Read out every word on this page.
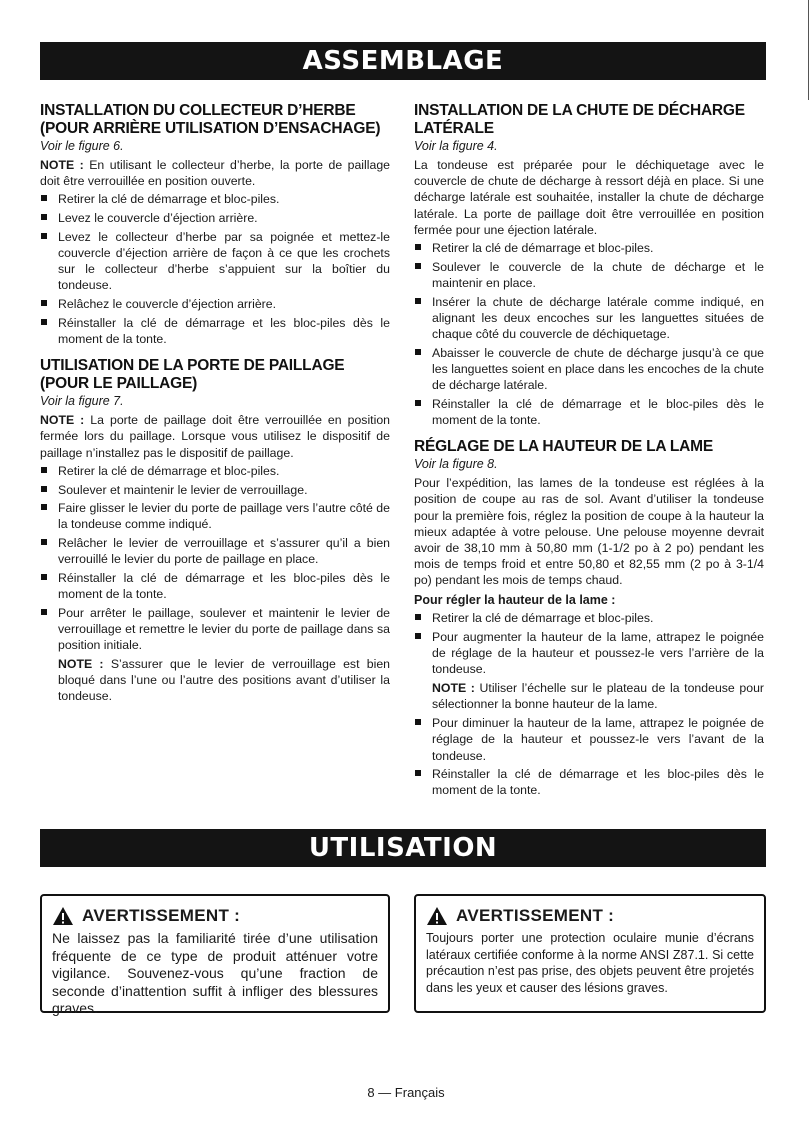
ASSEMBLAGE
INSTALLATION DU COLLECTEUR D’HERBE (POUR ARRIÈRE UTILISATION D’ENSACHAGE)
Voir le figure 6.

NOTE : En utilisant le collecteur d’herbe, la porte de paillage doit être verrouillée en position ouverte.

Retirer la clé de démarrage et bloc-piles.
Levez le couvercle d’éjection arrière.
Levez le collecteur d’herbe par sa poignée et mettez-le couvercle d’éjection arrière de façon à ce que les crochets sur le collecteur d’herbe s’appuient sur la boîtier du tondeuse.
Relâchez le couvercle d’éjection arrière.
Réinstaller la clé de démarrage et les bloc-piles dès le moment de la tonte.
UTILISATION DE LA PORTE DE PAILLAGE (POUR LE PAILLAGE)
Voir la figure 7.

NOTE : La porte de paillage doit être verrouillée en position fermée lors du paillage. Lorsque vous utilisez le dispositif de paillage n’installez pas le dispositif de paillage.

Retirer la clé de démarrage et bloc-piles.
Soulever et maintenir le levier de verrouillage.
Faire glisser le levier du porte de paillage vers l’autre côté de la tondeuse comme indiqué.
Relâcher le levier de verrouillage et s’assurer qu’il a bien verrouillé le levier du porte de paillage en place.
Réinstaller la clé de démarrage et les bloc-piles dès le moment de la tonte.
Pour arrêter le paillage, soulever et maintenir le levier de verrouillage et remettre le levier du porte de paillage dans sa position initiale.
NOTE : S’assurer que le levier de verrouillage est bien bloqué dans l’une ou l’autre des positions avant d’utiliser la tondeuse.
INSTALLATION DE LA CHUTE DE DÉCHARGE LATÉRALE
Voir la figure 4.

La tondeuse est préparée pour le déchiquetage avec le couvercle de chute de décharge à ressort déjà en place. Si une décharge latérale est souhaitée, installer la chute de décharge latérale. La porte de paillage doit être verrouillée en position fermée pour une éjection latérale.

Retirer la clé de démarrage et bloc-piles.
Soulever le couvercle de la chute de décharge et le maintenir en place.
Insérer la chute de décharge latérale comme indiqué, en alignant les deux encoches sur les languettes situées de chaque côté du couvercle de déchiquetage.
Abaisser le couvercle de chute de décharge jusqu’à ce que les languettes soient en place dans les encoches de la chute de décharge latérale.
Réinstaller la clé de démarrage et le bloc-piles dès le moment de la tonte.
RÉGLAGE DE LA HAUTEUR DE LA LAME
Voir la figure 8.

Pour l’expédition, las lames de la tondeuse est réglées à la position de coupe au ras de sol. Avant d’utiliser la tondeuse pour la première fois, réglez la position de coupe à la hauteur la mieux adaptée à votre pelouse. Une pelouse moyenne devrait avoir de 38,10 mm à 50,80 mm (1-1/2 po à 2 po) pendant les mois de temps froid et entre 50,80 et 82,55 mm (2 po à 3-1/4 po) pendant les mois de temps chaud.

Pour régler la hauteur de la lame :
Retirer la clé de démarrage et bloc-piles.
Pour augmenter la hauteur de la lame, attrapez le poignée de réglage de la hauteur et poussez-le vers l’arrière de la tondeuse.
NOTE : Utiliser l’échelle sur le plateau de la tondeuse pour sélectionner la bonne hauteur de la lame.
Pour diminuer la hauteur de la lame, attrapez le poignée de réglage de la hauteur et poussez-le vers l’avant de la tondeuse.
Réinstaller la clé de démarrage et les bloc-piles dès le moment de la tonte.
UTILISATION
AVERTISSEMENT :
Ne laissez pas la familiarité tirée d’une utilisation fréquente de ce type de produit atténuer votre vigilance. Souvenez-vous qu’une fraction de seconde d’inattention suffit à infliger des blessures graves.
AVERTISSEMENT :
Toujours porter une protection oculaire munie d’écrans latéraux certifiée conforme à la norme ANSI Z87.1. Si cette précaution n’est pas prise, des objets peuvent être projetés dans les yeux et causer des lésions graves.
8 — Français
